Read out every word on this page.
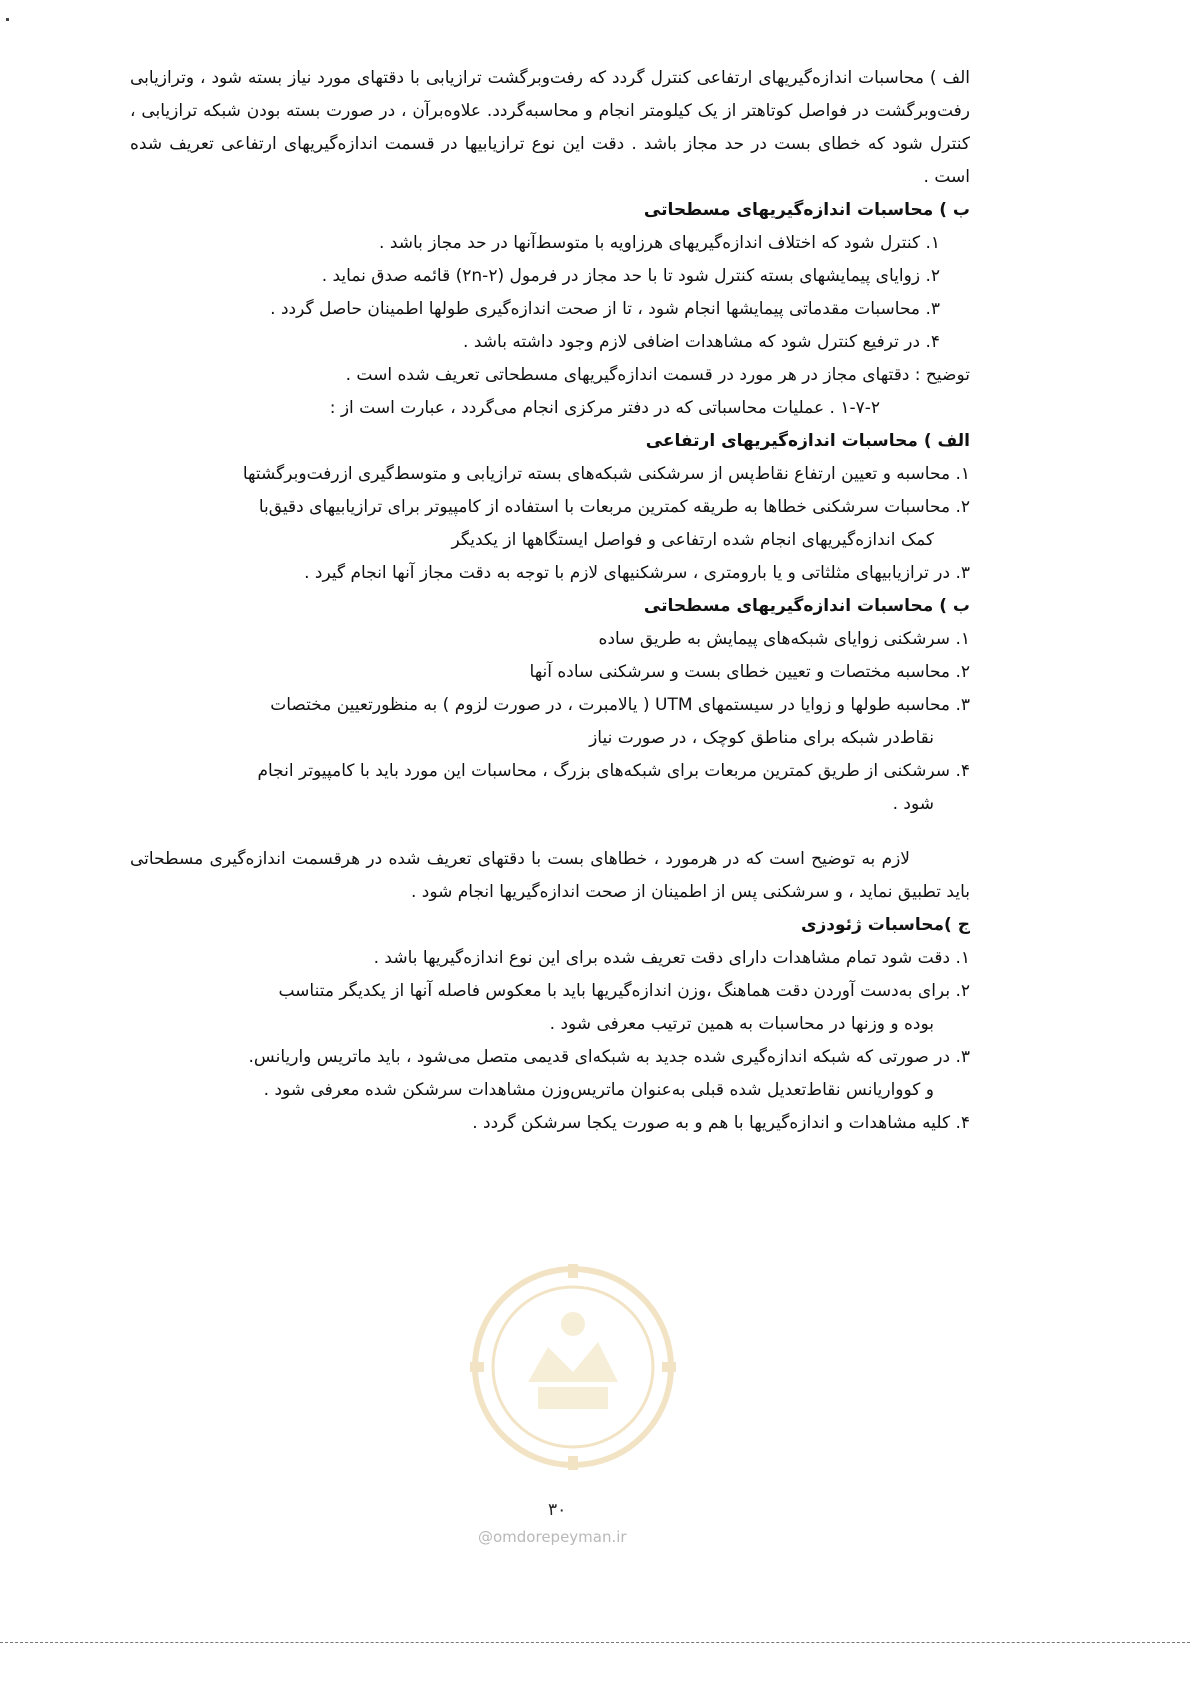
الف ) محاسبات اندازه‌گیریهای ارتفاعی کنترل گردد که رفت‌وبرگشت ترازیابی با دقتهای مورد نیاز بسته شود ، وترازیابی رفت‌وبرگشت در فواصل کوتاهتر از یک کیلومتر انجام و محاسبه‌گردد. علاوه‌برآن ، در صورت بسته بودن شبکه ترازیابی ، کنترل شود که خطای بست در حد مجاز باشد . دقت این نوع ترازیابیها در قسمت اندازه‌گیریهای ارتفاعی تعریف شده است .

ب ) محاسبات اندازه‌گیریهای مسطحاتی

۱. کنترل شود که اختلاف اندازه‌گیریهای هرزاویه با متوسط‌آنها در حد مجاز باشد .

۲. زوایای پیمایشهای بسته کنترل شود تا با حد مجاز در فرمول (۲-۲n) قائمه صدق نماید .

۳. محاسبات مقدماتی پیمایشها انجام شود ، تا از صحت اندازه‌گیری طولها اطمینان حاصل گردد .

۴. در ترفیع کنترل شود که مشاهدات اضافی لازم وجود داشته باشد .

توضیح : دقتهای مجاز در هر مورد در قسمت اندازه‌گیریهای مسطحاتی تعریف شده است .

۱-۷-۲ . عملیات محاسباتی که در دفتر مرکزی انجام می‌گردد ، عبارت است از :

الف ) محاسبات اندازه‌گیریهای ارتفاعی

۱. محاسبه و تعیین ارتفاع نقاط‌پس از سرشکنی شبکه‌های بسته ترازیابی و متوسط‌گیری ازرفت‌وبرگشتها

۲. محاسبات سرشکنی خطاها به طریقه کمترین مربعات با استفاده از کامپیوتر برای ترازیابیهای دقیق‌با

کمک اندازه‌گیریهای انجام شده ارتفاعی و فواصل ایستگاهها از یکدیگر

۳. در ترازیابیهای مثلثاتی و یا بارومتری ، سرشکنیهای لازم با توجه به دقت مجاز آنها انجام گیرد .

ب ) محاسبات اندازه‌گیریهای مسطحاتی

۱. سرشکنی زوایای شبکه‌های پیمایش به طریق ساده

۲. محاسبه مختصات و تعیین خطای بست و سرشکنی ساده آنها

۳. محاسبه طولها و زوایا در سیستمهای UTM ( یالامبرت ، در صورت لزوم ) به منظورتعیین مختصات

نقاط‌در شبکه برای مناطق کوچک ، در صورت نیاز

۴. سرشکنی از طریق کمترین مربعات برای شبکه‌های بزرگ ، محاسبات این مورد باید با کامپیوتر انجام

شود .

لازم به توضیح است که در هرمورد ، خطاهای بست با دقتهای تعریف شده در هرقسمت اندازه‌گیری مسطحاتی باید تطبیق نماید ، و سرشکنی پس از اطمینان از صحت اندازه‌گیریها انجام شود .

ج )محاسبات ژئودزی

۱. دقت شود تمام مشاهدات دارای دقت تعریف شده برای این نوع اندازه‌گیریها باشد .

۲. برای به‌دست آوردن دقت هماهنگ ،وزن اندازه‌گیریها باید با معکوس فاصله آنها از یکدیگر متناسب

بوده و وزنها در محاسبات به همین ترتیب معرفی شود .

۳. در صورتی که شبکه اندازه‌گیری شده جدید به شبکه‌ای قدیمی متصل می‌شود ، باید ماتریس واریانس.

و کوواریانس نقاط‌تعدیل شده قبلی به‌عنوان ماتریس‌وزن مشاهدات سرشکن شده معرفی شود .

۴. کلیه مشاهدات و اندازه‌گیریها با هم و به صورت یکجا سرشکن گردد .

۳۰
@omdorepeyman.ir
